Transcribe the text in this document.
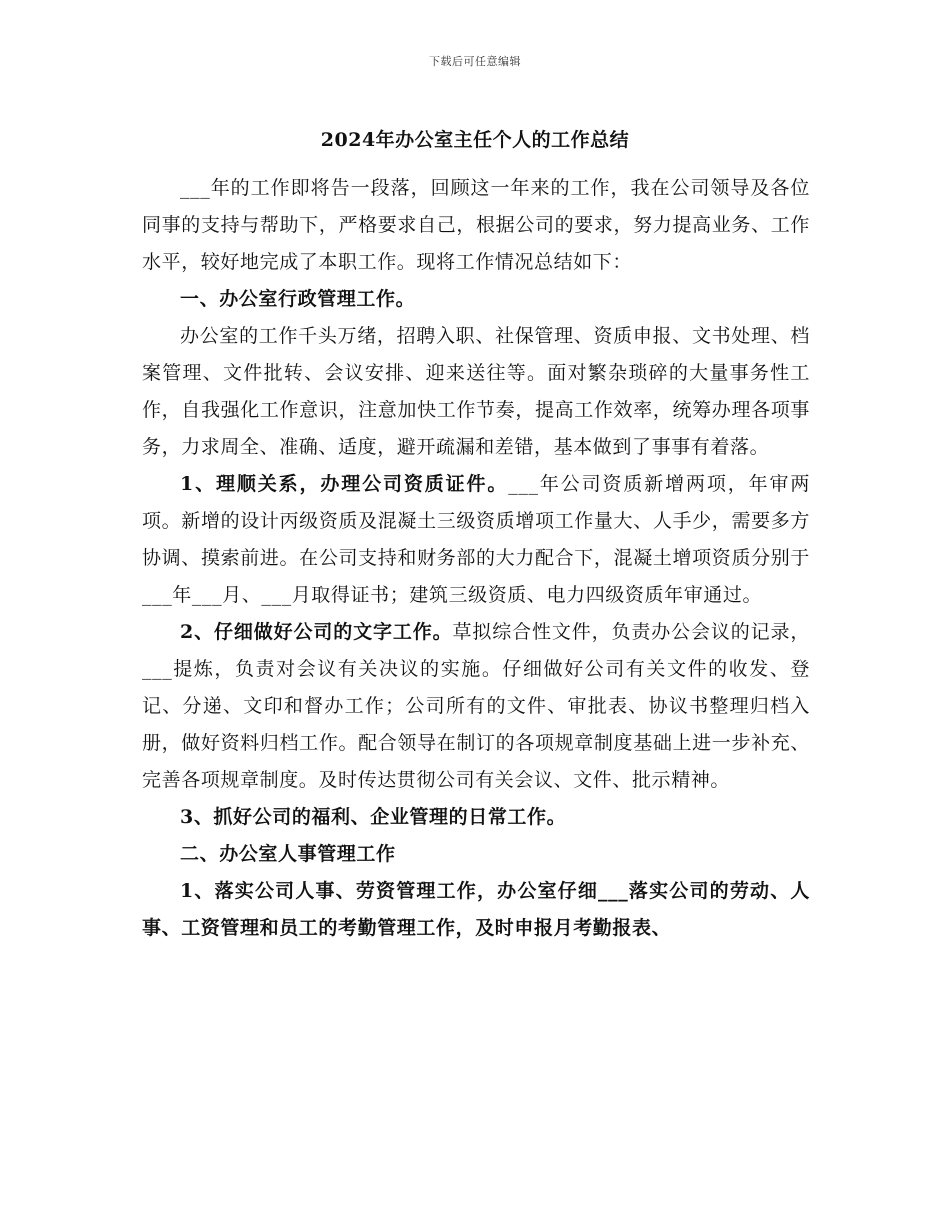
下载后可任意编辑
2024年办公室主任个人的工作总结

___年的工作即将告一段落，回顾这一年来的工作，我在公司领导及各位同事的支持与帮助下，严格要求自己，根据公司的要求，努力提高业务、工作水平，较好地完成了本职工作。现将工作情况总结如下：

一、办公室行政管理工作。

办公室的工作千头万绪，招聘入职、社保管理、资质申报、文书处理、档案管理、文件批转、会议安排、迎来送往等。面对繁杂琐碎的大量事务性工作，自我强化工作意识，注意加快工作节奏，提高工作效率，统筹办理各项事务，力求周全、准确、适度，避开疏漏和差错，基本做到了事事有着落。

1、理顺关系，办理公司资质证件。___年公司资质新增两项，年审两项。新增的设计丙级资质及混凝土三级资质增项工作量大、人手少，需要多方协调、摸索前进。在公司支持和财务部的大力配合下，混凝土增项资质分别于___年___月、___月取得证书；建筑三级资质、电力四级资质年审通过。

2、仔细做好公司的文字工作。草拟综合性文件，负责办公会议的记录，___提炼，负责对会议有关决议的实施。仔细做好公司有关文件的收发、登记、分递、文印和督办工作；公司所有的文件、审批表、协议书整理归档入册，做好资料归档工作。配合领导在制订的各项规章制度基础上进一步补充、完善各项规章制度。及时传达贯彻公司有关会议、文件、批示精神。

3、抓好公司的福利、企业管理的日常工作。

二、办公室人事管理工作

1、落实公司人事、劳资管理工作，办公室仔细___落实公司的劳动、人事、工资管理和员工的考勤管理工作，及时申报月考勤报表、
